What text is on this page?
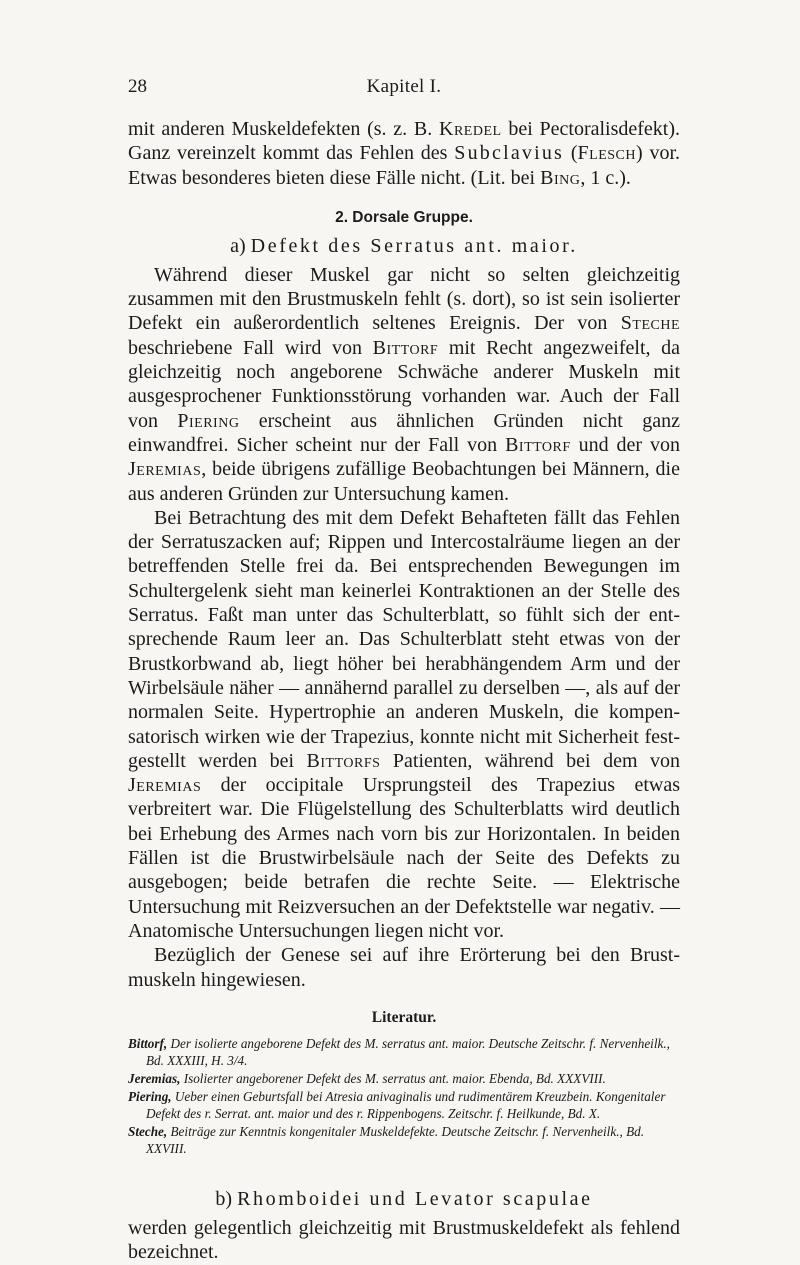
28	Kapitel I.

mit anderen Muskeldefekten (s. z. B. Kredel bei Pectoralisdefekt). Ganz vereinzelt kommt das Fehlen des Subclavius (Flesch) vor. Etwas besonderes bieten diese Fälle nicht. (Lit. bei Bing, 1 c.).

2. Dorsale Gruppe.
a) Defekt des Serratus ant. maior.

Während dieser Muskel gar nicht so selten gleichzeitig zusammen mit den Brustmuskeln fehlt (s. dort), so ist sein isolierter Defekt ein außerordentlich seltenes Ereignis. Der von Steche beschriebene Fall wird von Bittorf mit Recht angezweifelt, da gleichzeitig noch angeborene Schwäche anderer Muskeln mit ausgesprochener Funktionsstörung vorhanden war. Auch der Fall von Piering erscheint aus ähnlichen Gründen nicht ganz einwandfrei. Sicher scheint nur der Fall von Bittorf und der von Jeremias, beide übrigens zufällige Beobachtungen bei Männern, die aus anderen Gründen zur Untersuchung kamen.

Bei Betrachtung des mit dem Defekt Behafteten fällt das Fehlen der Serratuszacken auf; Rippen und Intercostalräume liegen an der betreffenden Stelle frei da. Bei entsprechenden Bewegungen im Schultergelenk sieht man keinerlei Kontraktionen an der Stelle des Serratus. Faßt man unter das Schulterblatt, so fühlt sich der entsprechende Raum leer an. Das Schulterblatt steht etwas von der Brustkorbwand ab, liegt höher bei herabhängendem Arm und der Wirbelsäule näher — annähernd parallel zu derselben —, als auf der normalen Seite. Hypertrophie an anderen Muskeln, die kompensatorisch wirken wie der Trapezius, konnte nicht mit Sicherheit festgestellt werden bei Bittorfs Patienten, während bei dem von Jeremias der occipitale Ursprungsteil des Trapezius etwas verbreitert war. Die Flügelstellung des Schulterblatts wird deutlich bei Erhebung des Armes nach vorn bis zur Horizontalen. In beiden Fällen ist die Brustwirbelsäule nach der Seite des Defekts zu ausgebogen; beide betrafen die rechte Seite. — Elektrische Untersuchung mit Reizversuchen an der Defektstelle war negativ. — Anatomische Untersuchungen liegen nicht vor.

Bezüglich der Genese sei auf ihre Erörterung bei den Brustmuskeln hingewiesen.

Literatur.

Bittorf, Der isolierte angeborene Defekt des M. serratus ant. maior. Deutsche Zeitschr. f. Nervenheilk., Bd. XXXIII, H. 3/4.

Jeremias, Isolierter angeborener Defekt des M. serratus ant. maior. Ebenda, Bd. XXXVIII.

Piering, Ueber einen Geburtsfall bei Atresia anivaginalis und rudimentärem Kreuzbein. Kongenitaler Defekt des r. Serrat. ant. maior und des r. Rippenbogens. Zeitschr. f. Heilkunde, Bd. X.

Steche, Beiträge zur Kenntnis kongenitaler Muskeldefekte. Deutsche Zeitschr. f. Nervenheilk., Bd. XXVIII.

b) Rhomboidei und Levator scapulae

werden gelegentlich gleichzeitig mit Brustmuskeldefekt als fehlend bezeichnet.
